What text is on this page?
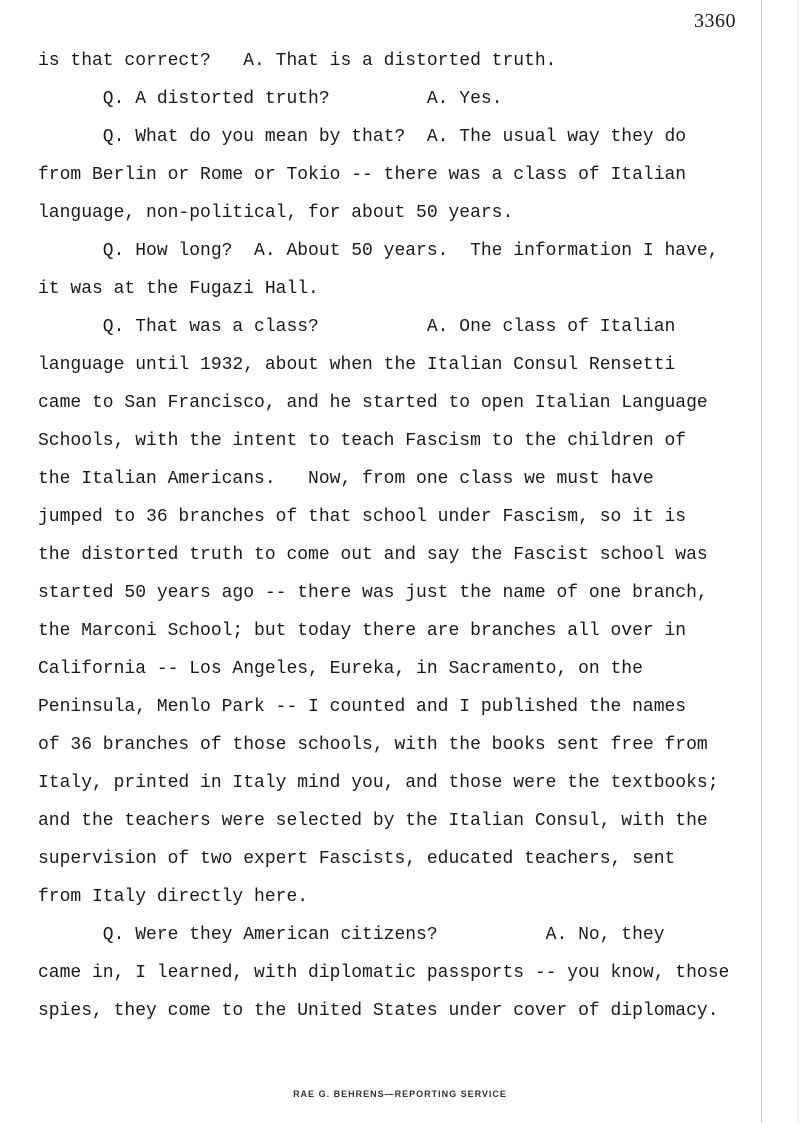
3360
is that correct?   A. That is a distorted truth.
Q. A distorted truth?         A. Yes.
Q. What do you mean by that?  A. The usual way they do
from Berlin or Rome or Tokio -- there was a class of Italian
language, non-political, for about 50 years.
Q. How long?  A. About 50 years.  The information I have,
it was at the Fugazi Hall.
Q. That was a class?          A. One class of Italian
language until 1932, about when the Italian Consul Rensetti
came to San Francisco, and he started to open Italian Language
Schools, with the intent to teach Fascism to the children of
the Italian Americans.   Now, from one class we must have
jumped to 36 branches of that school under Fascism, so it is
the distorted truth to come out and say the Fascist school was
started 50 years ago -- there was just the name of one branch,
the Marconi School; but today there are branches all over in
California -- Los Angeles, Eureka, in Sacramento, on the
Peninsula, Menlo Park -- I counted and I published the names
of 36 branches of those schools, with the books sent free from
Italy, printed in Italy mind you, and those were the textbooks;
and the teachers were selected by the Italian Consul, with the
supervision of two expert Fascists, educated teachers, sent
from Italy directly here.
Q. Were they American citizens?          A. No, they
came in, I learned, with diplomatic passports -- you know, those
spies, they come to the United States under cover of diplomacy.
RAE G. BEHRENS—REPORTING SERVICE
